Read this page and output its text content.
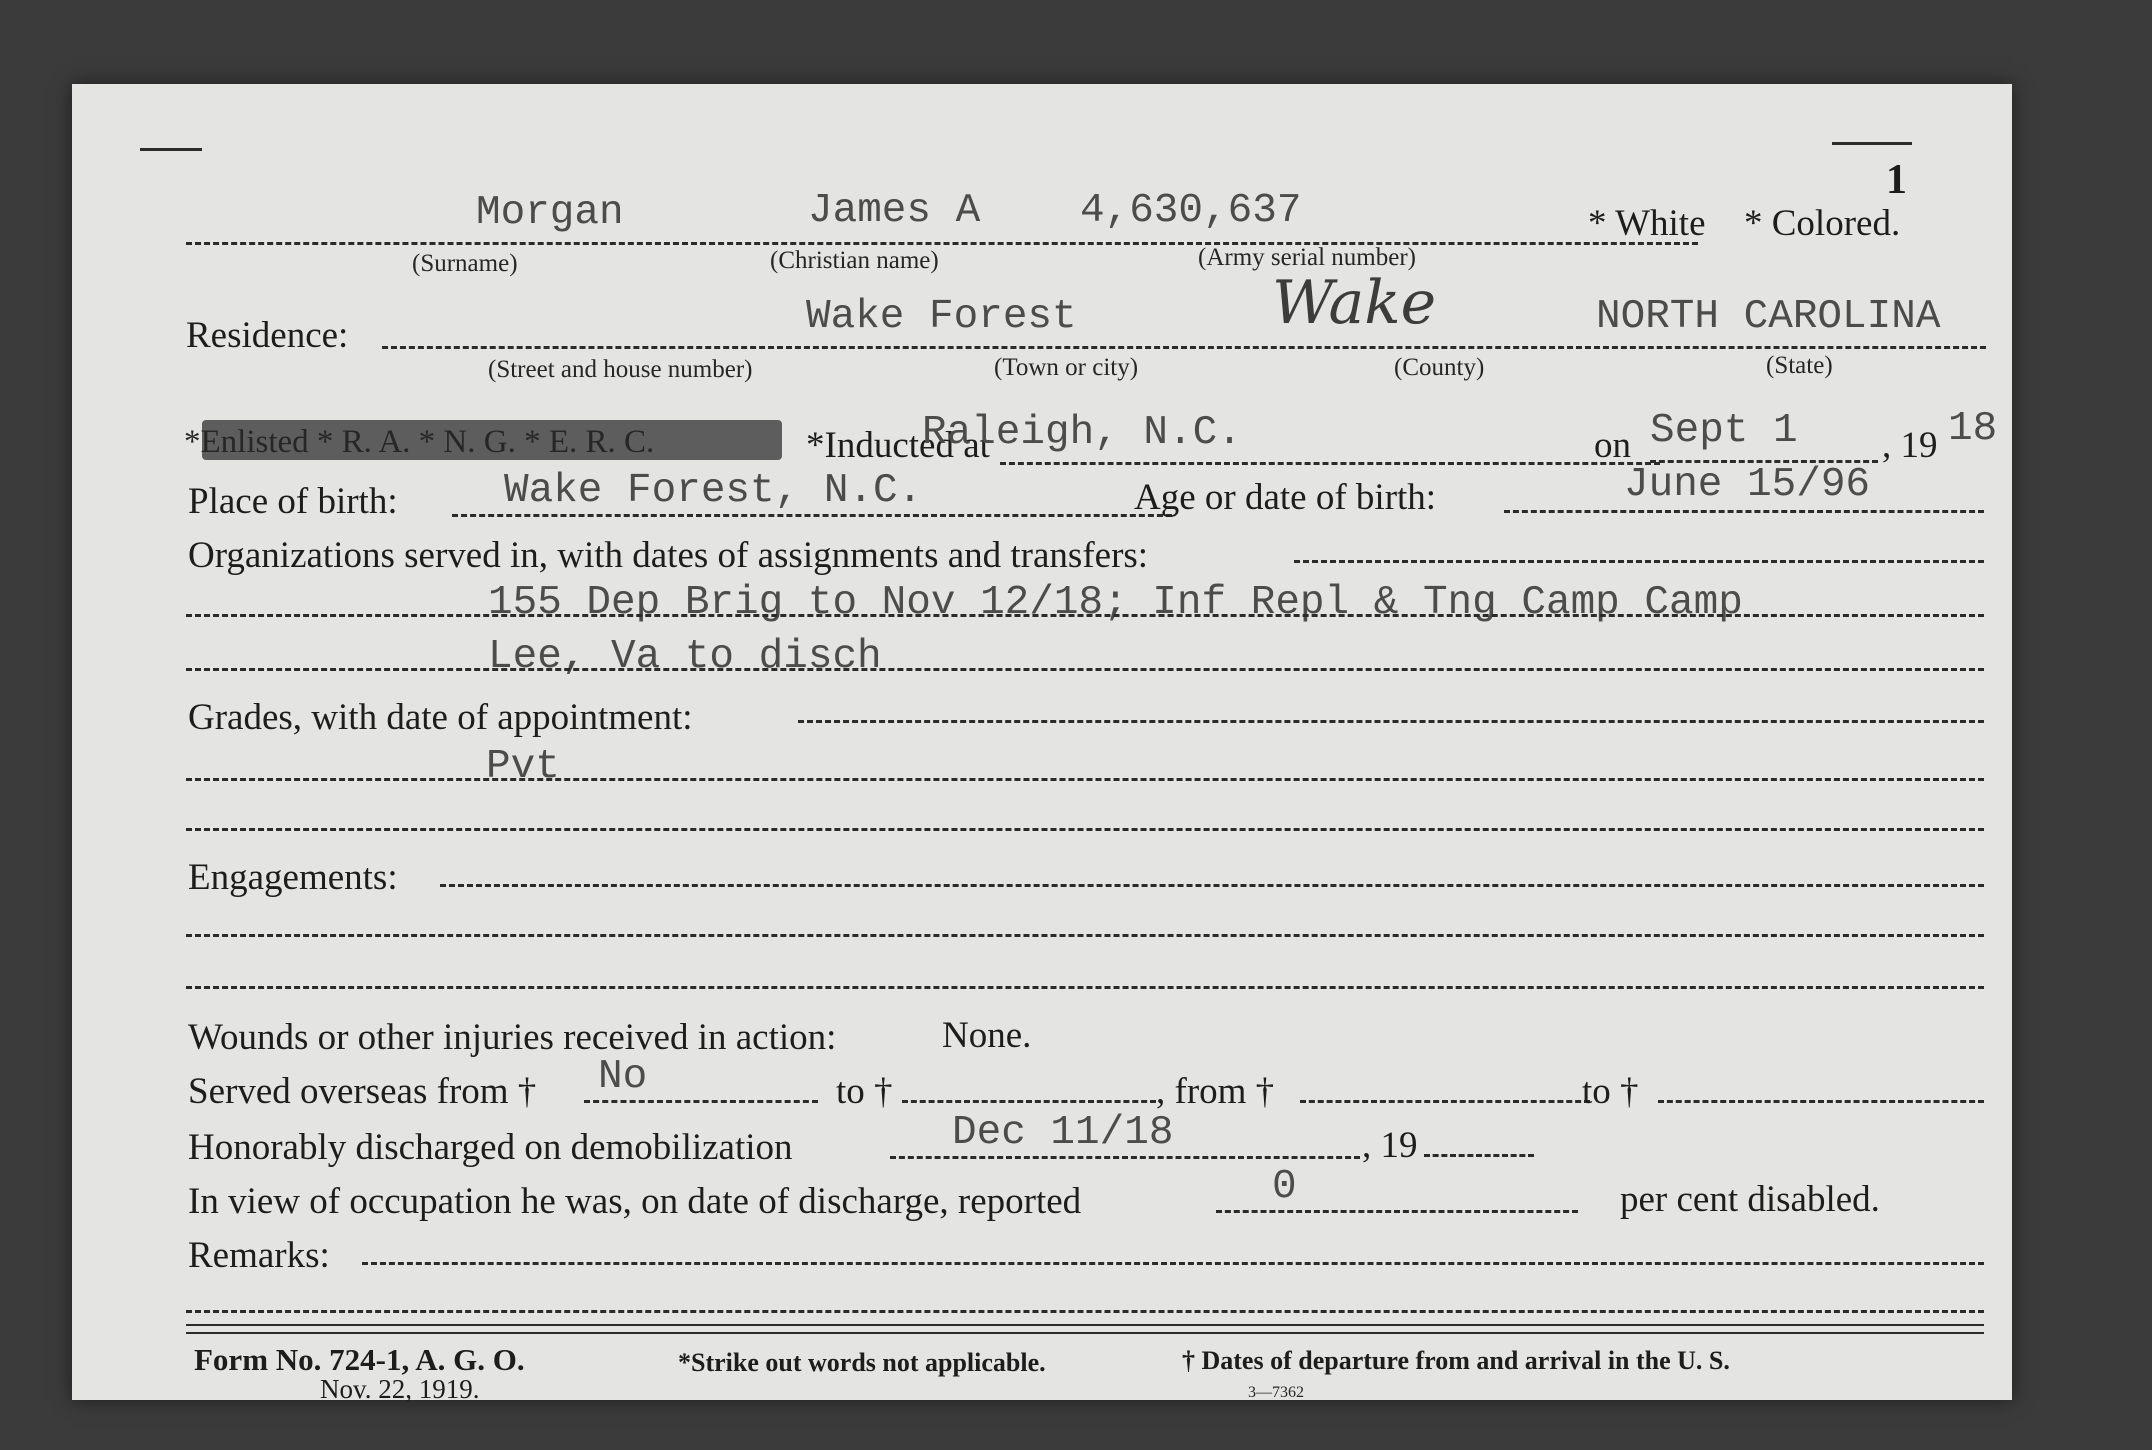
1
Morgan	James A 4,630,637	* White * Colored.
(Surname)	(Christian name)	(Army serial number)
Residence:	Wake Forest	Wake	NORTH CAROLINA
(Street and house number)	(Town or city)	(County)	(State)
*Enlisted * R. A. * N. G. * E. R. C.	*Inducted at
Raleigh, N.C.	on Sept 1 , 19 18
Place of birth:	Wake Forest, N.C.	Age or date of birth:	June 15/96
Organizations served in, with dates of assignments and transfers:
155 Dep Brig to Nov 12/18; Inf Repl & Tng Camp Camp
Lee, Va to disch
Grades, with date of appointment:
Pvt
Engagements:
Wounds or other injuries received in action:	None.
Served overseas from † No	to †	, from †	to †
Honorably discharged on demobilization	Dec 11/18	, 19
In view of occupation he was, on date of discharge, reported	0	per cent disabled.
Remarks:
Form No. 724-1, A. G. O.
Nov. 22, 1919.
*Strike out words not applicable.	† Dates of departure from and arrival in the U. S.
3—7362
